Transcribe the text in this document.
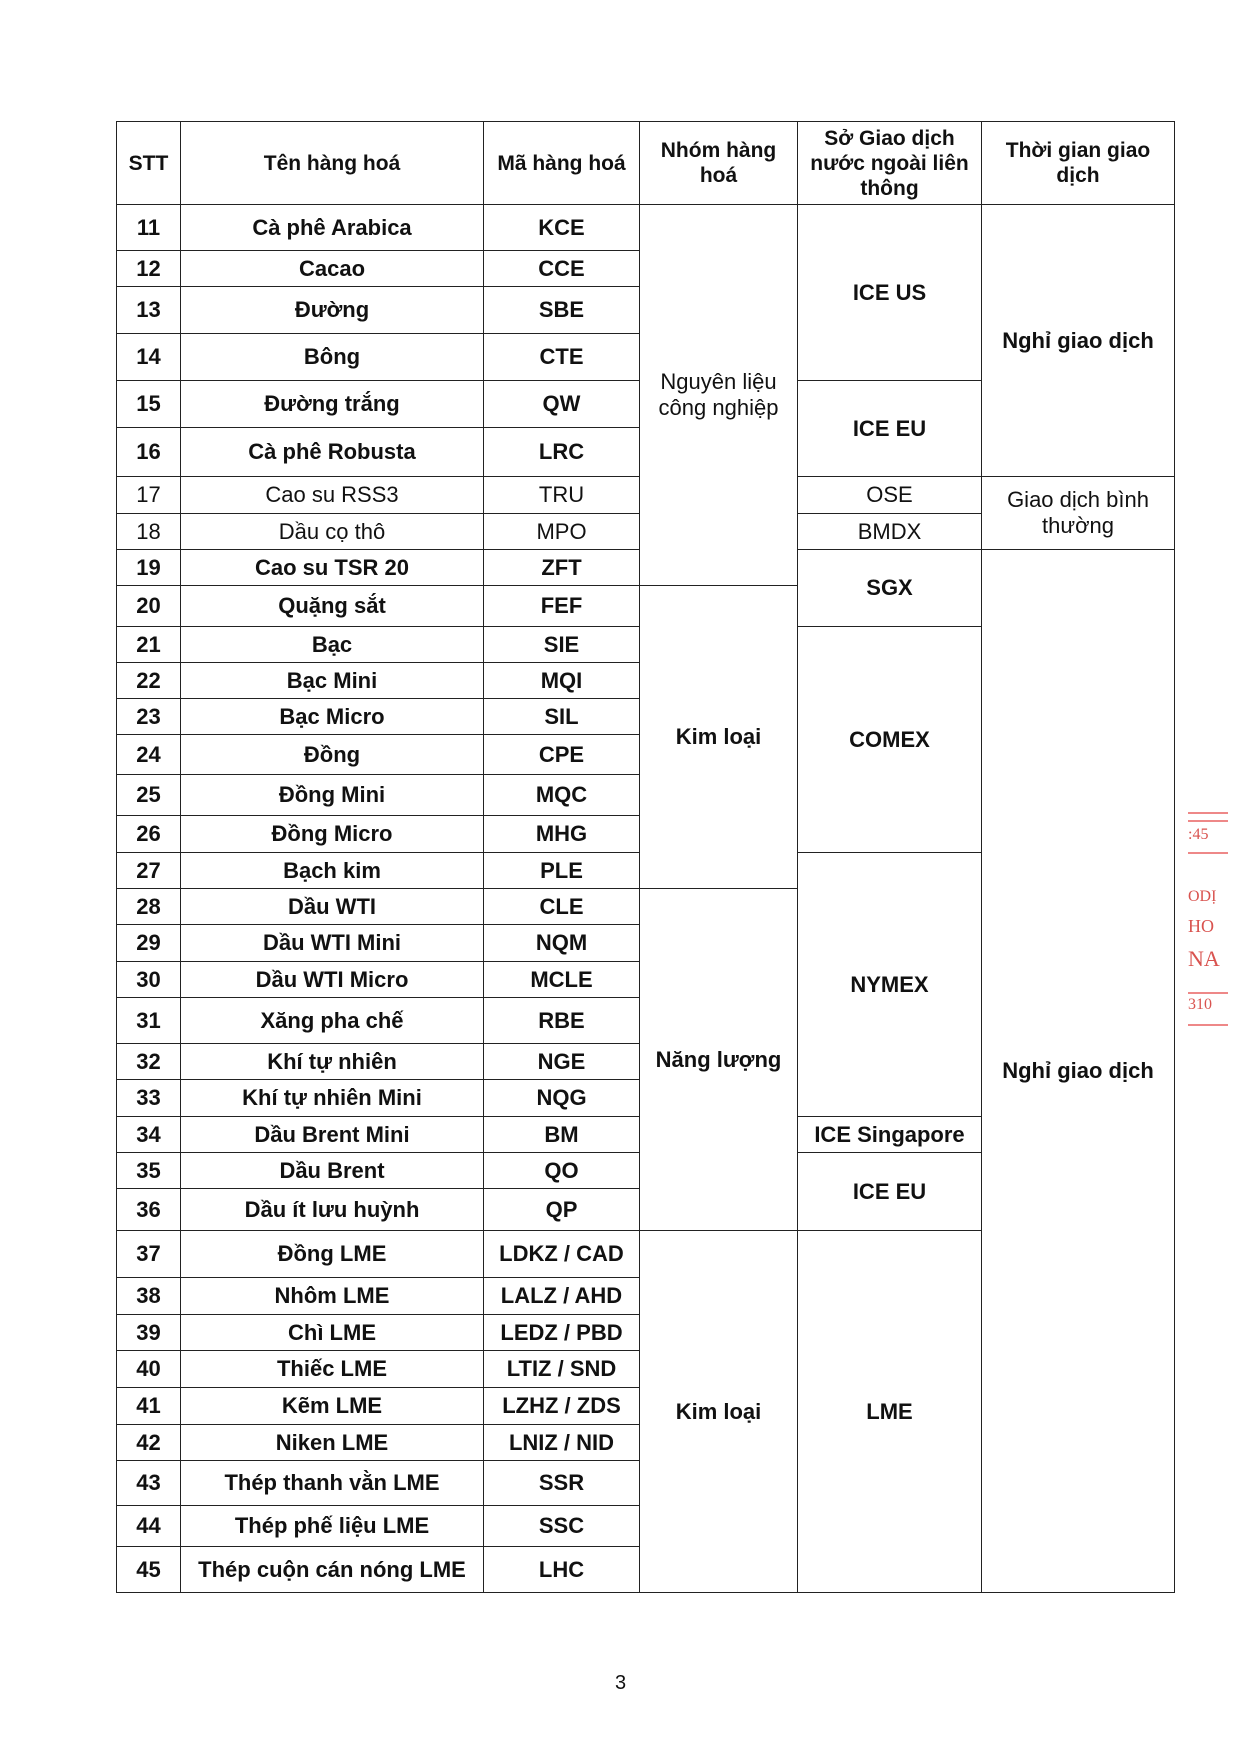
STT	Tên hàng hoá	Mã hàng hoá	Nhóm hàng hoá	Sở Giao dịch nước ngoài liên thông	Thời gian giao dịch
11	Cà phê Arabica	KCE	Nguyên liệu công nghiệp	ICE US	Nghỉ giao dịch
12	Cacao	CCE			
13	Đường	SBE			
14	Bông	CTE			
15	Đường trắng	QW		ICE EU	
16	Cà phê Robusta	LRC			
17	Cao su RSS3	TRU		OSE	Giao dịch bình thường
18	Dầu cọ thô	MPO		BMDX	
19	Cao su TSR 20	ZFT		SGX	Nghỉ giao dịch
20	Quặng sắt	FEF	Kim loại		
21	Bạc	SIE		COMEX	
22	Bạc Mini	MQI			
23	Bạc Micro	SIL			
24	Đồng	CPE			
25	Đồng Mini	MQC			
26	Đồng Micro	MHG			
27	Bạch kim	PLE		NYMEX	
28	Dầu WTI	CLE	Năng lượng		
29	Dầu WTI Mini	NQM			
30	Dầu WTI Micro	MCLE			
31	Xăng pha chế	RBE			
32	Khí tự nhiên	NGE			
33	Khí tự nhiên Mini	NQG			
34	Dầu Brent Mini	BM		ICE Singapore	
35	Dầu Brent	QO		ICE EU	
36	Dầu ít lưu huỳnh	QP			
37	Đồng LME	LDKZ / CAD	Kim loại	LME	
38	Nhôm LME	LALZ / AHD			
39	Chì LME	LEDZ / PBD			
40	Thiếc LME	LTIZ / SND			
41	Kẽm LME	LZHZ / ZDS			
42	Niken LME	LNIZ / NID			
43	Thép thanh vằn LME	SSR			
44	Thép phế liệu LME	SSC			
45	Thép cuộn cán nóng LME	LHC			
:45
ODỊ
HO
NA
310
3
